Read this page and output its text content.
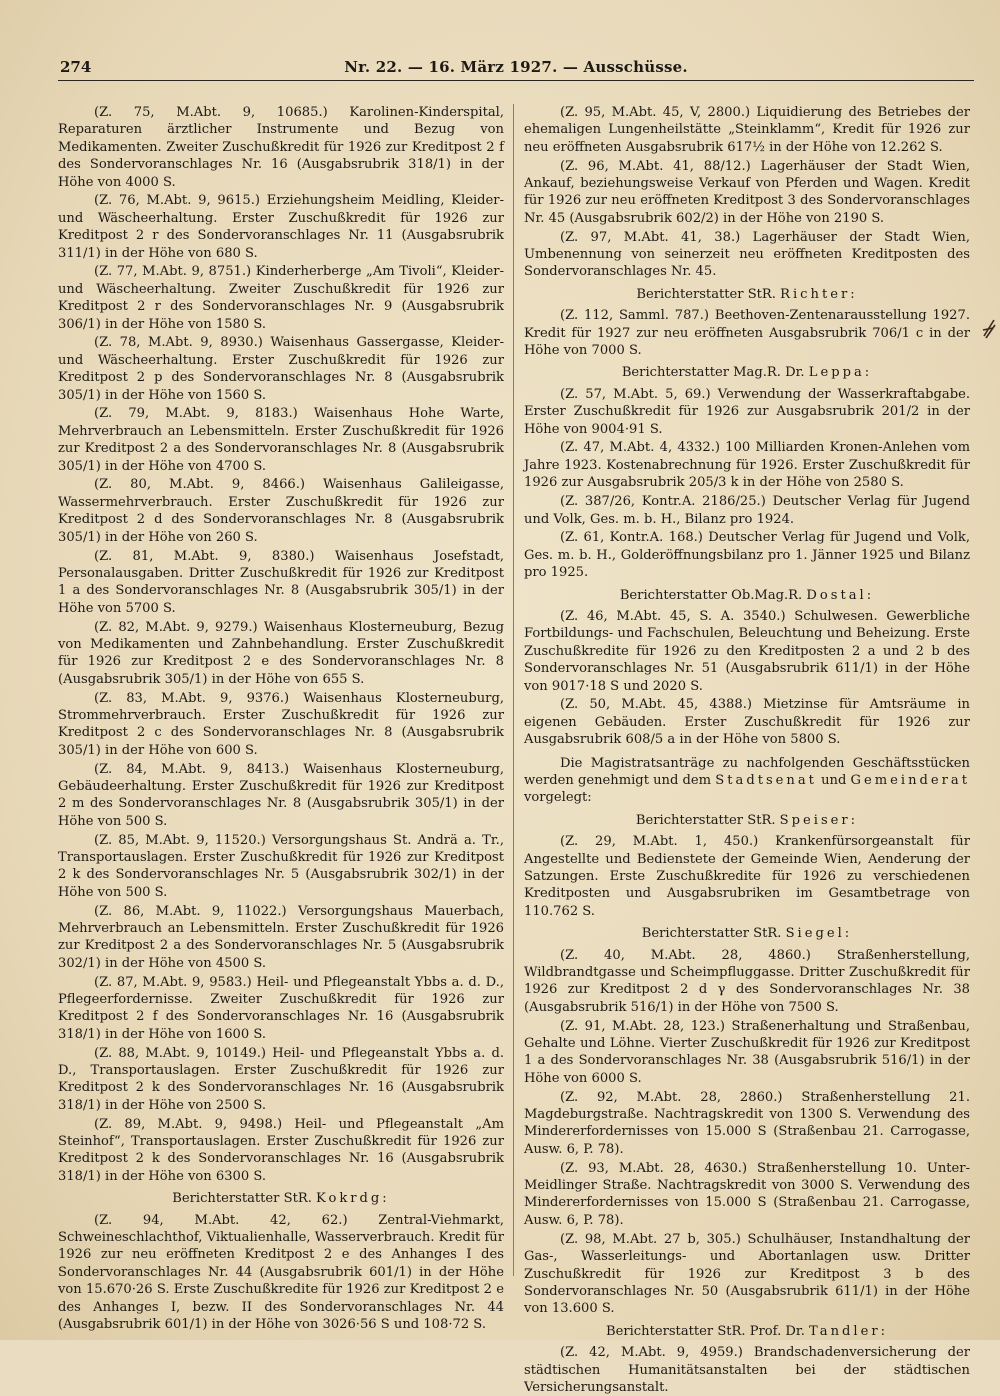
274	Nr. 22. — 16. März 1927. — Ausschüsse.

(Z. 75, M.Abt. 9, 10685.) Karolinen-Kinderspital, Reparaturen ärztlicher Instrumente und Bezug von Medikamenten. Zweiter Zuschußkredit für 1926 zur Kreditpost 2 f des Sondervoranschlages Nr. 16 (Ausgabsrubrik 318/1) in der Höhe von 4000 S.

(Z. 76, M.Abt. 9, 9615.) Erziehungsheim Meidling, Kleider- und Wäscheerhaltung. Erster Zuschußkredit für 1926 zur Kreditpost 2 r des Sondervoranschlages Nr. 11 (Ausgabsrubrik 311/1) in der Höhe von 680 S.

(Z. 77, M.Abt. 9, 8751.) Kinderherberge „Am Tivoli“, Kleider- und Wäscheerhaltung. Zweiter Zuschußkredit für 1926 zur Kreditpost 2 r des Sondervoranschlages Nr. 9 (Ausgabsrubrik 306/1) in der Höhe von 1580 S.

(Z. 78, M.Abt. 9, 8930.) Waisenhaus Gassergasse, Kleider- und Wäscheerhaltung. Erster Zuschußkredit für 1926 zur Kreditpost 2 p des Sondervoranschlages Nr. 8 (Ausgabsrubrik 305/1) in der Höhe von 1560 S.

(Z. 79, M.Abt. 9, 8183.) Waisenhaus Hohe Warte, Mehrverbrauch an Lebensmitteln. Erster Zuschußkredit für 1926 zur Kreditpost 2 a des Sondervoranschlages Nr. 8 (Ausgabsrubrik 305/1) in der Höhe von 4700 S.

(Z. 80, M.Abt. 9, 8466.) Waisenhaus Galileigasse, Wassermehrverbrauch. Erster Zuschußkredit für 1926 zur Kreditpost 2 d des Sondervoranschlages Nr. 8 (Ausgabsrubrik 305/1) in der Höhe von 260 S.

(Z. 81, M.Abt. 9, 8380.) Waisenhaus Josefstadt, Personalausgaben. Dritter Zuschußkredit für 1926 zur Kreditpost 1 a des Sondervoranschlages Nr. 8 (Ausgabsrubrik 305/1) in der Höhe von 5700 S.

(Z. 82, M.Abt. 9, 9279.) Waisenhaus Klosterneuburg, Bezug von Medikamenten und Zahnbehandlung. Erster Zuschußkredit für 1926 zur Kreditpost 2 e des Sondervoranschlages Nr. 8 (Ausgabsrubrik 305/1) in der Höhe von 655 S.

(Z. 83, M.Abt. 9, 9376.) Waisenhaus Klosterneuburg, Strommehrverbrauch. Erster Zuschußkredit für 1926 zur Kreditpost 2 c des Sondervoranschlages Nr. 8 (Ausgabsrubrik 305/1) in der Höhe von 600 S.

(Z. 84, M.Abt. 9, 8413.) Waisenhaus Klosterneuburg, Gebäudeerhaltung. Erster Zuschußkredit für 1926 zur Kreditpost 2 m des Sondervoranschlages Nr. 8 (Ausgabsrubrik 305/1) in der Höhe von 500 S.

(Z. 85, M.Abt. 9, 11520.) Versorgungshaus St. Andrä a. Tr., Transportauslagen. Erster Zuschußkredit für 1926 zur Kreditpost 2 k des Sondervoranschlages Nr. 5 (Ausgabsrubrik 302/1) in der Höhe von 500 S.

(Z. 86, M.Abt. 9, 11022.) Versorgungshaus Mauerbach, Mehrverbrauch an Lebensmitteln. Erster Zuschußkredit für 1926 zur Kreditpost 2 a des Sondervoranschlages Nr. 5 (Ausgabsrubrik 302/1) in der Höhe von 4500 S.

(Z. 87, M.Abt. 9, 9583.) Heil- und Pflegeanstalt Ybbs a. d. D., Pflegeerfordernisse. Zweiter Zuschußkredit für 1926 zur Kreditpost 2 f des Sondervoranschlages Nr. 16 (Ausgabsrubrik 318/1) in der Höhe von 1600 S.

(Z. 88, M.Abt. 9, 10149.) Heil- und Pflegeanstalt Ybbs a. d. D., Transportauslagen. Erster Zuschußkredit für 1926 zur Kreditpost 2 k des Sondervoranschlages Nr. 16 (Ausgabsrubrik 318/1) in der Höhe von 2500 S.

(Z. 89, M.Abt. 9, 9498.) Heil- und Pflegeanstalt „Am Steinhof“, Transportauslagen. Erster Zuschußkredit für 1926 zur Kreditpost 2 k des Sondervoranschlages Nr. 16 (Ausgabsrubrik 318/1) in der Höhe von 6300 S.

Berichterstatter StR. Kokrdg:

(Z. 94, M.Abt. 42, 62.) Zentral-Viehmarkt, Schweineschlachthof, Viktualienhalle, Wasserverbrauch. Kredit für 1926 zur neu eröffneten Kreditpost 2 e des Anhanges I des Sondervoranschlages Nr. 44 (Ausgabsrubrik 601/1) in der Höhe von 15.670·26 S. Erste Zuschußkredite für 1926 zur Kreditpost 2 e des Anhanges I, bezw. II des Sondervoranschlages Nr. 44 (Ausgabsrubrik 601/1) in der Höhe von 3026·56 S und 108·72 S.

(Z. 95, M.Abt. 45, V, 2800.) Liquidierung des Betriebes der ehemaligen Lungenheilstätte „Steinklamm“, Kredit für 1926 zur neu eröffneten Ausgabsrubrik 617½ in der Höhe von 12.262 S.

(Z. 96, M.Abt. 41, 88/12.) Lagerhäuser der Stadt Wien, Ankauf, beziehungsweise Verkauf von Pferden und Wagen. Kredit für 1926 zur neu eröffneten Kreditpost 3 des Sondervoranschlages Nr. 45 (Ausgabsrubrik 602/2) in der Höhe von 2190 S.

(Z. 97, M.Abt. 41, 38.) Lagerhäuser der Stadt Wien, Umbenennung von seinerzeit neu eröffneten Kreditposten des Sondervoranschlages Nr. 45.

Berichterstatter StR. Richter:

(Z. 112, Samml. 787.) Beethoven-Zentenarausstellung 1927. Kredit für 1927 zur neu eröffneten Ausgabsrubrik 706/1 c in der Höhe von 7000 S.

Berichterstatter Mag.R. Dr. Leppa:

(Z. 57, M.Abt. 5, 69.) Verwendung der Wasserkraftabgabe. Erster Zuschußkredit für 1926 zur Ausgabsrubrik 201/2 in der Höhe von 9004·91 S.

(Z. 47, M.Abt. 4, 4332.) 100 Milliarden Kronen-Anlehen vom Jahre 1923. Kostenabrechnung für 1926. Erster Zuschußkredit für 1926 zur Ausgabsrubrik 205/3 k in der Höhe von 2580 S.

(Z. 387/26, Kontr.A. 2186/25.) Deutscher Verlag für Jugend und Volk, Ges. m. b. H., Bilanz pro 1924.

(Z. 61, Kontr.A. 168.) Deutscher Verlag für Jugend und Volk, Ges. m. b. H., Golderöffnungsbilanz pro 1. Jänner 1925 und Bilanz pro 1925.

Berichterstatter Ob.Mag.R. Dostal:

(Z. 46, M.Abt. 45, S. A. 3540.) Schulwesen. Gewerbliche Fortbildungs- und Fachschulen, Beleuchtung und Beheizung. Erste Zuschußkredite für 1926 zu den Kreditposten 2 a und 2 b des Sondervoranschlages Nr. 51 (Ausgabsrubrik 611/1) in der Höhe von 9017·18 S und 2020 S.

(Z. 50, M.Abt. 45, 4388.) Mietzinse für Amtsräume in eigenen Gebäuden. Erster Zuschußkredit für 1926 zur Ausgabsrubrik 608/5 a in der Höhe von 5800 S.

Die Magistratsanträge zu nachfolgenden Geschäftsstücken werden genehmigt und dem Stadtsenat und Gemeinderat vorgelegt:

Berichterstatter StR. Speiser:

(Z. 29, M.Abt. 1, 450.) Krankenfürsorgeanstalt für Angestellte und Bedienstete der Gemeinde Wien, Aenderung der Satzungen. Erste Zuschußkredite für 1926 zu verschiedenen Kreditposten und Ausgabsrubriken im Gesamtbetrage von 110.762 S.

Berichterstatter StR. Siegel:

(Z. 40, M.Abt. 28, 4860.) Straßenherstellung, Wildbrandtgasse und Scheimpfluggasse. Dritter Zuschußkredit für 1926 zur Kreditpost 2 d γ des Sondervoranschlages Nr. 38 (Ausgabsrubrik 516/1) in der Höhe von 7500 S.

(Z. 91, M.Abt. 28, 123.) Straßenerhaltung und Straßenbau, Gehalte und Löhne. Vierter Zuschußkredit für 1926 zur Kreditpost 1 a des Sondervoranschlages Nr. 38 (Ausgabsrubrik 516/1) in der Höhe von 6000 S.

(Z. 92, M.Abt. 28, 2860.) Straßenherstellung 21. Magdeburgstraße. Nachtragskredit von 1300 S. Verwendung des Mindererfordernisses von 15.000 S (Straßenbau 21. Carrogasse, Ausw. 6, P. 78).

(Z. 93, M.Abt. 28, 4630.) Straßenherstellung 10. Unter-Meidlinger Straße. Nachtragskredit von 3000 S. Verwendung des Mindererfordernisses von 15.000 S (Straßenbau 21. Carrogasse, Ausw. 6, P. 78).

(Z. 98, M.Abt. 27 b, 305.) Schulhäuser, Instandhaltung der Gas-, Wasserleitungs- und Abortanlagen usw. Dritter Zuschußkredit für 1926 zur Kreditpost 3 b des Sondervoranschlages Nr. 50 (Ausgabsrubrik 611/1) in der Höhe von 13.600 S.

Berichterstatter StR. Prof. Dr. Tandler:

(Z. 42, M.Abt. 9, 4959.) Brandschadenversicherung der städtischen Humanitätsanstalten bei der städtischen Versicherungsanstalt.
